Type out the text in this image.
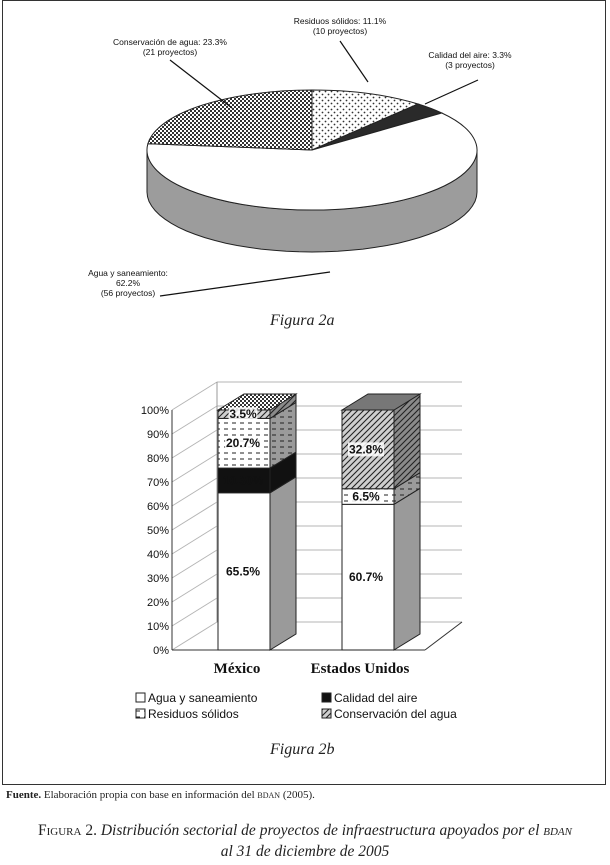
Residuos sólidos: 11.1%
(10 proyectos)
Calidad del aire: 3.3%
(3 proyectos)
Agua y saneamiento:
62.2%
(56 proyectos)
Conservación de agua: 23.3%
(21 proyectos)
0%
10%
20%
30%
40%
50%
60%
70%
80%
90%
100%
65.5%
10.30%
20.7%
3.5%
México
60.7%
6.5%
32.8%
Estados Unidos
Agua y saneamiento	Calidad del aire
Residuos sólidos	Conservación del agua
Figura 2a
Figura 2b
Fuente. Elaboración propia con base en información del bdan (2005).
Figura 2. Distribución sectorial de proyectos de infraestructura apoyados por el bdan
al 31 de diciembre de 2005
